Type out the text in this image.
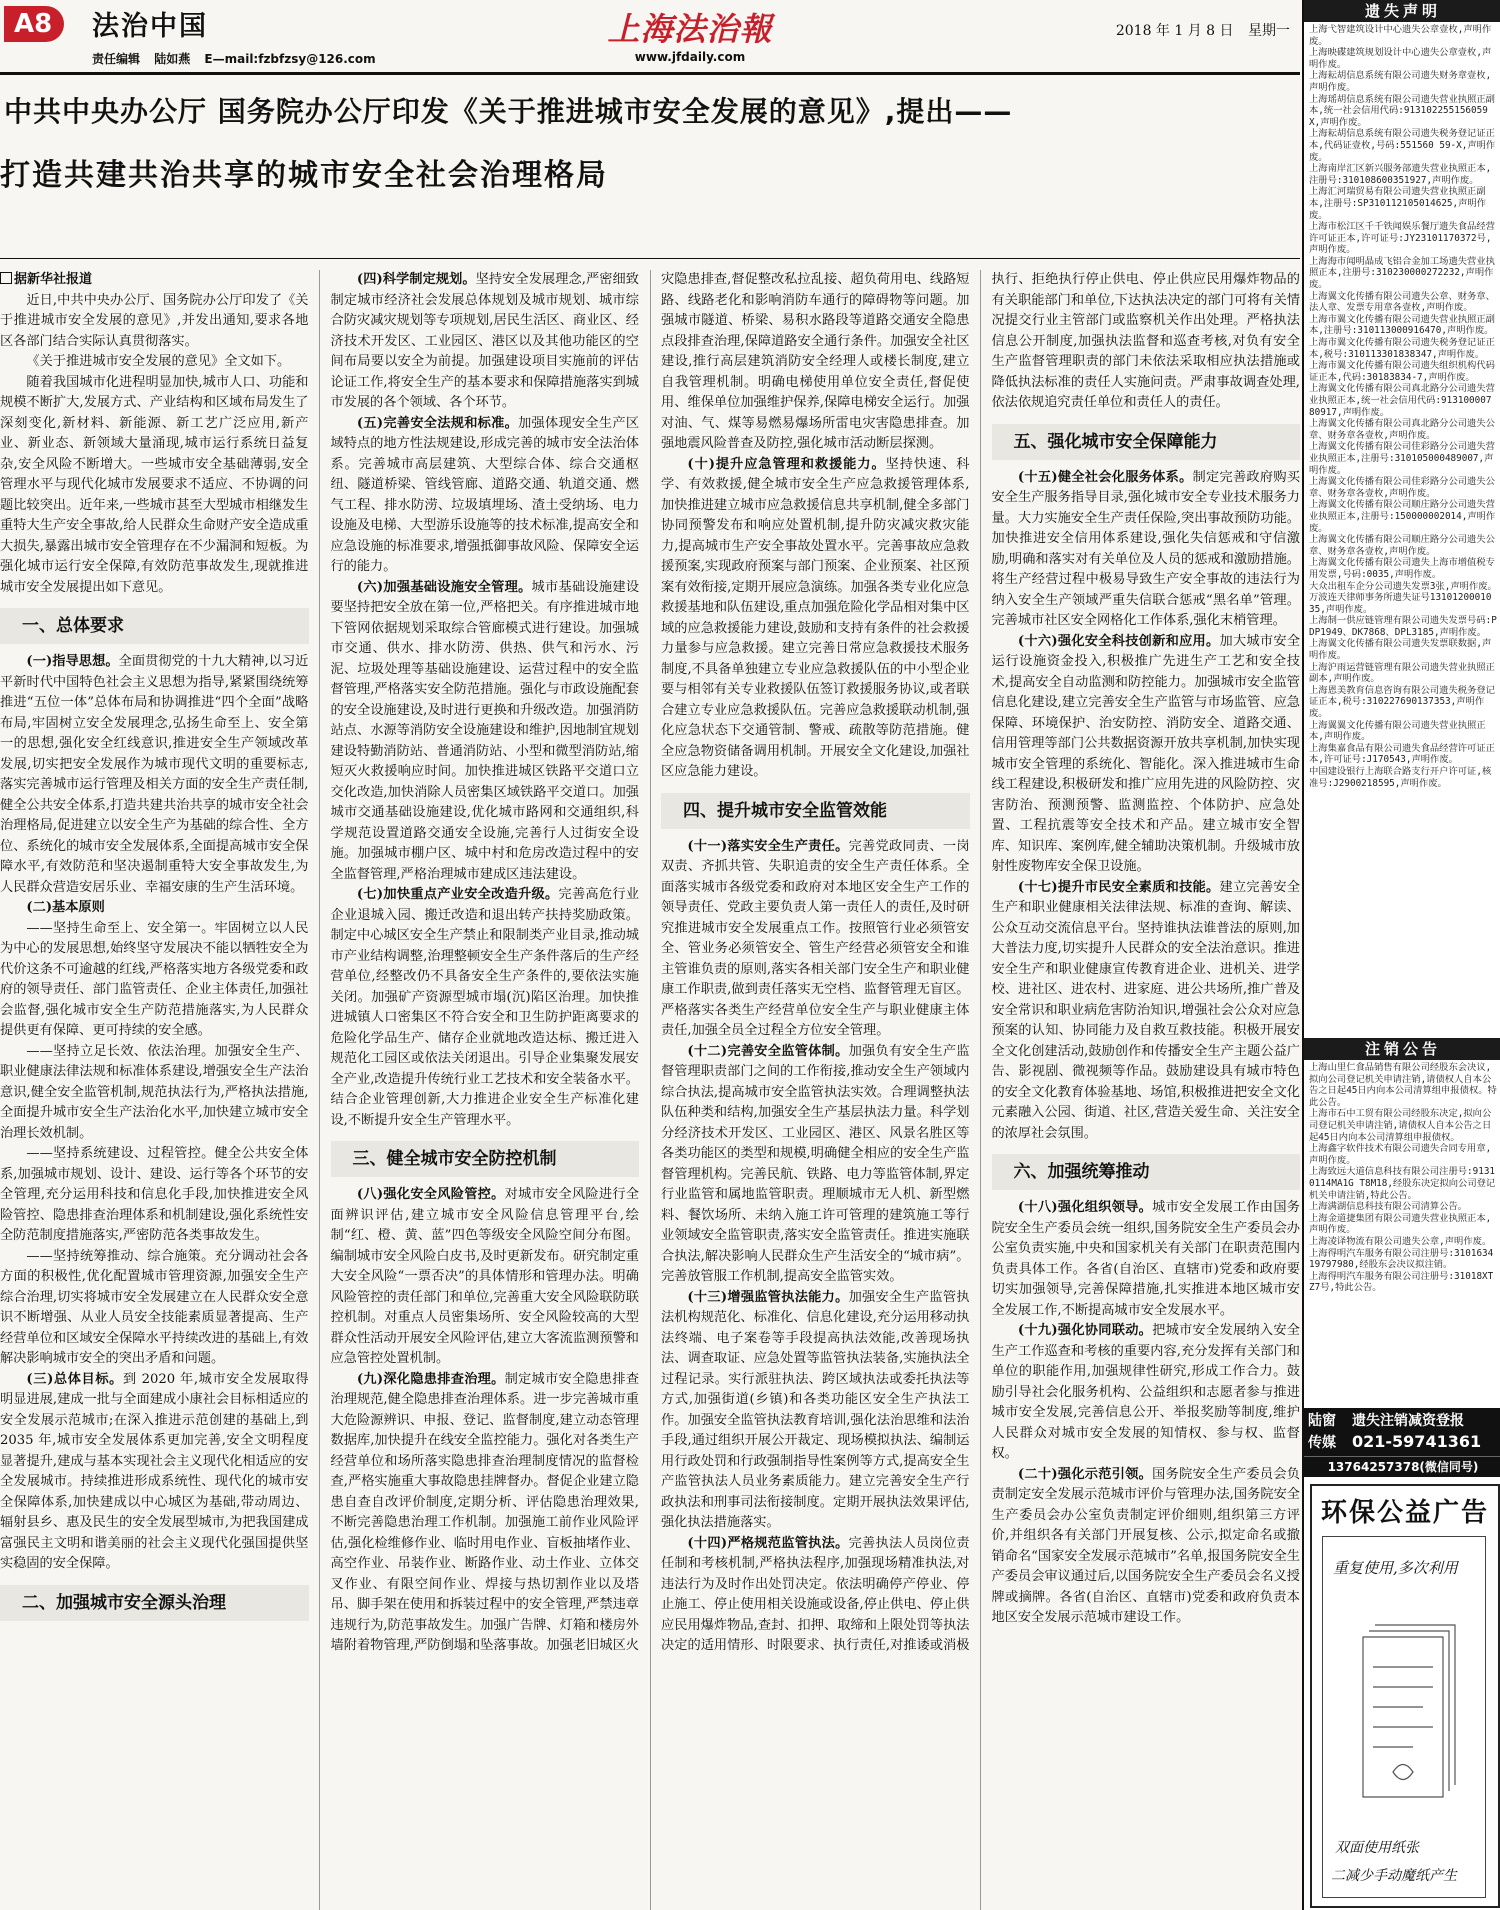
A8	法治中国
责任编辑 陆如燕 E—mail:fzbfzsy@126.com
上海法治報
www.jfdaily.com
2018 年 1 月 8 日 星期一
中共中央办公厅 国务院办公厅印发《关于推进城市安全发展的意见》,提出——
打造共建共治共享的城市安全社会治理格局

据新华社报道

近日,中共中央办公厅、国务院办公厅印发了《关于推进城市安全发展的意见》,并发出通知,要求各地区各部门结合实际认真贯彻落实。

《关于推进城市安全发展的意见》全文如下。

随着我国城市化进程明显加快,城市人口、功能和规模不断扩大,发展方式、产业结构和区域布局发生了深刻变化,新材料、新能源、新工艺广泛应用,新产业、新业态、新领域大量涌现,城市运行系统日益复杂,安全风险不断增大。一些城市安全基础薄弱,安全管理水平与现代化城市发展要求不适应、不协调的问题比较突出。近年来,一些城市甚至大型城市相继发生重特大生产安全事故,给人民群众生命财产安全造成重大损失,暴露出城市安全管理存在不少漏洞和短板。为强化城市运行安全保障,有效防范事故发生,现就推进城市安全发展提出如下意见。

一、总体要求

(一)指导思想。全面贯彻党的十九大精神,以习近平新时代中国特色社会主义思想为指导,紧紧围绕统筹推进“五位一体”总体布局和协调推进“四个全面”战略布局,牢固树立安全发展理念,弘扬生命至上、安全第一的思想,强化安全红线意识,推进安全生产领域改革发展,切实把安全发展作为城市现代文明的重要标志,落实完善城市运行管理及相关方面的安全生产责任制,健全公共安全体系,打造共建共治共享的城市安全社会治理格局,促进建立以安全生产为基础的综合性、全方位、系统化的城市安全发展体系,全面提高城市安全保障水平,有效防范和坚决遏制重特大安全事故发生,为人民群众营造安居乐业、幸福安康的生产生活环境。

(二)基本原则

——坚持生命至上、安全第一。牢固树立以人民为中心的发展思想,始终坚守发展决不能以牺牲安全为代价这条不可逾越的红线,严格落实地方各级党委和政府的领导责任、部门监管责任、企业主体责任,加强社会监督,强化城市安全生产防范措施落实,为人民群众提供更有保障、更可持续的安全感。

——坚持立足长效、依法治理。加强安全生产、职业健康法律法规和标准体系建设,增强安全生产法治意识,健全安全监管机制,规范执法行为,严格执法措施,全面提升城市安全生产法治化水平,加快建立城市安全治理长效机制。

——坚持系统建设、过程管控。健全公共安全体系,加强城市规划、设计、建设、运行等各个环节的安全管理,充分运用科技和信息化手段,加快推进安全风险管控、隐患排查治理体系和机制建设,强化系统性安全防范制度措施落实,严密防范各类事故发生。

——坚持统筹推动、综合施策。充分调动社会各方面的积极性,优化配置城市管理资源,加强安全生产综合治理,切实将城市安全发展建立在人民群众安全意识不断增强、从业人员安全技能素质显著提高、生产经营单位和区域安全保障水平持续改进的基础上,有效解决影响城市安全的突出矛盾和问题。

(三)总体目标。到 2020 年,城市安全发展取得明显进展,建成一批与全面建成小康社会目标相适应的安全发展示范城市;在深入推进示范创建的基础上,到 2035 年,城市安全发展体系更加完善,安全文明程度显著提升,建成与基本实现社会主义现代化相适应的安全发展城市。持续推进形成系统性、现代化的城市安全保障体系,加快建成以中心城区为基础,带动周边、辐射县乡、惠及民生的安全发展型城市,为把我国建成富强民主文明和谐美丽的社会主义现代化强国提供坚实稳固的安全保障。

二、加强城市安全源头治理

(四)科学制定规划。坚持安全发展理念,严密细致制定城市经济社会发展总体规划及城市规划、城市综合防灾减灾规划等专项规划,居民生活区、商业区、经济技术开发区、工业园区、港区以及其他功能区的空间布局要以安全为前提。加强建设项目实施前的评估论证工作,将安全生产的基本要求和保障措施落实到城市发展的各个领域、各个环节。

(五)完善安全法规和标准。加强体现安全生产区域特点的地方性法规建设,形成完善的城市安全法治体系。完善城市高层建筑、大型综合体、综合交通枢纽、隧道桥梁、管线管廊、道路交通、轨道交通、燃气工程、排水防涝、垃圾填埋场、渣土受纳场、电力设施及电梯、大型游乐设施等的技术标准,提高安全和应急设施的标准要求,增强抵御事故风险、保障安全运行的能力。

(六)加强基础设施安全管理。城市基础设施建设要坚持把安全放在第一位,严格把关。有序推进城市地下管网依据规划采取综合管廊模式进行建设。加强城市交通、供水、排水防涝、供热、供气和污水、污泥、垃圾处理等基础设施建设、运营过程中的安全监督管理,严格落实安全防范措施。强化与市政设施配套的安全设施建设,及时进行更换和升级改造。加强消防站点、水源等消防安全设施建设和维护,因地制宜规划建设特勤消防站、普通消防站、小型和微型消防站,缩短灭火救援响应时间。加快推进城区铁路平交道口立交化改造,加快消除人员密集区域铁路平交道口。加强城市交通基础设施建设,优化城市路网和交通组织,科学规范设置道路交通安全设施,完善行人过街安全设施。加强城市棚户区、城中村和危房改造过程中的安全监督管理,严格治理城市建成区违法建设。

(七)加快重点产业安全改造升级。完善高危行业企业退城入园、搬迁改造和退出转产扶持奖励政策。制定中心城区安全生产禁止和限制类产业目录,推动城市产业结构调整,治理整顿安全生产条件落后的生产经营单位,经整改仍不具备安全生产条件的,要依法实施关闭。加强矿产资源型城市塌(沉)陷区治理。加快推进城镇人口密集区不符合安全和卫生防护距离要求的危险化学品生产、储存企业就地改造达标、搬迁进入规范化工园区或依法关闭退出。引导企业集聚发展安全产业,改造提升传统行业工艺技术和安全装备水平。结合企业管理创新,大力推进企业安全生产标准化建设,不断提升安全生产管理水平。

三、健全城市安全防控机制

(八)强化安全风险管控。对城市安全风险进行全面辨识评估,建立城市安全风险信息管理平台,绘制“红、橙、黄、蓝”四色等级安全风险空间分布图。编制城市安全风险白皮书,及时更新发布。研究制定重大安全风险“一票否决”的具体情形和管理办法。明确风险管控的责任部门和单位,完善重大安全风险联防联控机制。对重点人员密集场所、安全风险较高的大型群众性活动开展安全风险评估,建立大客流监测预警和应急管控处置机制。

(九)深化隐患排查治理。制定城市安全隐患排查治理规范,健全隐患排查治理体系。进一步完善城市重大危险源辨识、申报、登记、监督制度,建立动态管理数据库,加快提升在线安全监控能力。强化对各类生产经营单位和场所落实隐患排查治理制度情况的监督检查,严格实施重大事故隐患挂牌督办。督促企业建立隐患自查自改评价制度,定期分析、评估隐患治理效果,不断完善隐患治理工作机制。加强施工前作业风险评估,强化检维修作业、临时用电作业、盲板抽堵作业、高空作业、吊装作业、断路作业、动土作业、立体交叉作业、有限空间作业、焊接与热切割作业以及塔吊、脚手架在使用和拆装过程中的安全管理,严禁违章违规行为,防范事故发生。加强广告牌、灯箱和楼房外墙附着物管理,严防倒塌和坠落事故。加强老旧城区火灾隐患排查,督促整改私拉乱接、超负荷用电、线路短路、线路老化和影响消防车通行的障碍物等问题。加强城市隧道、桥梁、易积水路段等道路交通安全隐患点段排查治理,保障道路安全通行条件。加强安全社区建设,推行高层建筑消防安全经理人或楼长制度,建立自我管理机制。明确电梯使用单位安全责任,督促使用、维保单位加强维护保养,保障电梯安全运行。加强对油、气、煤等易燃易爆场所雷电灾害隐患排查。加强地震风险普查及防控,强化城市活动断层探测。

(十)提升应急管理和救援能力。坚持快速、科学、有效救援,健全城市安全生产应急救援管理体系,加快推进建立城市应急救援信息共享机制,健全多部门协同预警发布和响应处置机制,提升防灾减灾救灾能力,提高城市生产安全事故处置水平。完善事故应急救援预案,实现政府预案与部门预案、企业预案、社区预案有效衔接,定期开展应急演练。加强各类专业化应急救援基地和队伍建设,重点加强危险化学品相对集中区域的应急救援能力建设,鼓励和支持有条件的社会救援力量参与应急救援。建立完善日常应急救援技术服务制度,不具备单独建立专业应急救援队伍的中小型企业要与相邻有关专业救援队伍签订救援服务协议,或者联合建立专业应急救援队伍。完善应急救援联动机制,强化应急状态下交通管制、警戒、疏散等防范措施。健全应急物资储备调用机制。开展安全文化建设,加强社区应急能力建设。

四、提升城市安全监管效能

(十一)落实安全生产责任。完善党政同责、一岗双责、齐抓共管、失职追责的安全生产责任体系。全面落实城市各级党委和政府对本地区安全生产工作的领导责任、党政主要负责人第一责任人的责任,及时研究推进城市安全发展重点工作。按照管行业必须管安全、管业务必须管安全、管生产经营必须管安全和谁主管谁负责的原则,落实各相关部门安全生产和职业健康工作职责,做到责任落实无空档、监督管理无盲区。严格落实各类生产经营单位安全生产与职业健康主体责任,加强全员全过程全方位安全管理。

(十二)完善安全监管体制。加强负有安全生产监督管理职责部门之间的工作衔接,推动安全生产领域内综合执法,提高城市安全监管执法实效。合理调整执法队伍种类和结构,加强安全生产基层执法力量。科学划分经济技术开发区、工业园区、港区、风景名胜区等各类功能区的类型和规模,明确健全相应的安全生产监督管理机构。完善民航、铁路、电力等监管体制,界定行业监管和属地监管职责。理顺城市无人机、新型燃料、餐饮场所、未纳入施工许可管理的建筑施工等行业领域安全监管职责,落实安全监管责任。推进实施联合执法,解决影响人民群众生产生活安全的“城市病”。完善放管服工作机制,提高安全监管实效。

(十三)增强监管执法能力。加强安全生产监管执法机构规范化、标准化、信息化建设,充分运用移动执法终端、电子案卷等手段提高执法效能,改善现场执法、调查取证、应急处置等监管执法装备,实施执法全过程记录。实行派驻执法、跨区域执法或委托执法等方式,加强街道(乡镇)和各类功能区安全生产执法工作。加强安全监管执法教育培训,强化法治思维和法治手段,通过组织开展公开裁定、现场模拟执法、编制运用行政处罚和行政强制指导性案例等方式,提高安全生产监管执法人员业务素质能力。建立完善安全生产行政执法和刑事司法衔接制度。定期开展执法效果评估,强化执法措施落实。

(十四)严格规范监管执法。完善执法人员岗位责任制和考核机制,严格执法程序,加强现场精准执法,对违法行为及时作出处罚决定。依法明确停产停业、停止施工、停止使用相关设施或设备,停止供电、停止供应民用爆炸物品,查封、扣押、取缔和上限处罚等执法决定的适用情形、时限要求、执行责任,对推诿或消极执行、拒绝执行停止供电、停止供应民用爆炸物品的有关职能部门和单位,下达执法决定的部门可将有关情况提交行业主管部门或监察机关作出处理。严格执法信息公开制度,加强执法监督和巡查考核,对负有安全生产监督管理职责的部门未依法采取相应执法措施或降低执法标准的责任人实施问责。严肃事故调查处理,依法依规追究责任单位和责任人的责任。

五、强化城市安全保障能力

(十五)健全社会化服务体系。制定完善政府购买安全生产服务指导目录,强化城市安全专业技术服务力量。大力实施安全生产责任保险,突出事故预防功能。加快推进安全信用体系建设,强化失信惩戒和守信激励,明确和落实对有关单位及人员的惩戒和激励措施。将生产经营过程中极易导致生产安全事故的违法行为纳入安全生产领域严重失信联合惩戒“黑名单”管理。完善城市社区安全网格化工作体系,强化末梢管理。

(十六)强化安全科技创新和应用。加大城市安全运行设施资金投入,积极推广先进生产工艺和安全技术,提高安全自动监测和防控能力。加强城市安全监管信息化建设,建立完善安全生产监管与市场监管、应急保障、环境保护、治安防控、消防安全、道路交通、信用管理等部门公共数据资源开放共享机制,加快实现城市安全管理的系统化、智能化。深入推进城市生命线工程建设,积极研发和推广应用先进的风险防控、灾害防治、预测预警、监测监控、个体防护、应急处置、工程抗震等安全技术和产品。建立城市安全智库、知识库、案例库,健全辅助决策机制。升级城市放射性废物库安全保卫设施。

(十七)提升市民安全素质和技能。建立完善安全生产和职业健康相关法律法规、标准的查询、解读、公众互动交流信息平台。坚持谁执法谁普法的原则,加大普法力度,切实提升人民群众的安全法治意识。推进安全生产和职业健康宣传教育进企业、进机关、进学校、进社区、进农村、进家庭、进公共场所,推广普及安全常识和职业病危害防治知识,增强社会公众对应急预案的认知、协同能力及自救互救技能。积极开展安全文化创建活动,鼓励创作和传播安全生产主题公益广告、影视剧、微视频等作品。鼓励建设具有城市特色的安全文化教育体验基地、场馆,积极推进把安全文化元素融入公园、街道、社区,营造关爱生命、关注安全的浓厚社会氛围。

六、加强统筹推动

(十八)强化组织领导。城市安全发展工作由国务院安全生产委员会统一组织,国务院安全生产委员会办公室负责实施,中央和国家机关有关部门在职责范围内负责具体工作。各省(自治区、直辖市)党委和政府要切实加强领导,完善保障措施,扎实推进本地区城市安全发展工作,不断提高城市安全发展水平。

(十九)强化协同联动。把城市安全发展纳入安全生产工作巡查和考核的重要内容,充分发挥有关部门和单位的职能作用,加强规律性研究,形成工作合力。鼓励引导社会化服务机构、公益组织和志愿者参与推进城市安全发展,完善信息公开、举报奖励等制度,维护人民群众对城市安全发展的知情权、参与权、监督权。

(二十)强化示范引领。国务院安全生产委员会负责制定安全发展示范城市评价与管理办法,国务院安全生产委员会办公室负责制定评价细则,组织第三方评价,并组织各有关部门开展复核、公示,拟定命名或撤销命名“国家安全发展示范城市”名单,报国务院安全生产委员会审议通过后,以国务院安全生产委员会名义授牌或摘牌。各省(自治区、直辖市)党委和政府负责本地区安全发展示范城市建设工作。

遗失声明

上海弋智建筑设计中心遗失公章壹枚,声明作废。

上海映碟建筑规划设计中心遗失公章壹枚,声明作废。

上海耘胡信息系统有限公司遗失财务章壹枚,声明作废。

上海瑶胡信息系统有限公司遗失营业执照正副本,统一社会信用代码:913102255156059X,声明作废。

上海耘胡信息系统有限公司遗失税务登记证正本,代码证壹枚,号码:551560 59-X,声明作废。

上海南岸汇区新兴服务部遗失营业执照正本,注册号:310108600351927,声明作废。

上海汇河瑞贸易有限公司遗失营业执照正副本,注册号:SP310112105014625,声明作废。

上海市松江区千千铁闻娱乐餐厅遗失食品经营许可证正本,许可证号:JY23101170372号,声明作废。

上海海市闻明晶成飞铝合金加工场遗失营业执照正本,注册号:310230000272232,声明作废。

上海翼文化传播有限公司遗失公章、财务章、法人章、发票专用章各壹枚,声明作废。

上海市翼文化传播有限公司遗失营业执照正副本,注册号:310113000916470,声明作废。

上海市翼文化传播有限公司遗失税务登记证正本,税号:310113301838347,声明作废。

上海市翼文化传播有限公司遗失组织机构代码证正本,代码:30183834-7,声明作废。

上海翼文化传播有限公司真北路分公司遗失营业执照正本,统一社会信用代码:91310000780917,声明作废。

上海翼文化传播有限公司真北路分公司遗失公章、财务章各壹枚,声明作废。

上海翼文化传播有限公司佳彩路分公司遗失营业执照正本,注册号:310105000489007,声明作废。

上海翼文化传播有限公司佳彩路分公司遗失公章、财务章各壹枚,声明作废。

上海翼文化传播有限公司顺庄路分公司遗失营业执照正本,注册号:150000002014,声明作废。

上海翼文化传播有限公司顺庄路分公司遗失公章、财务章各壹枚,声明作废。

上海翼文化传播有限公司遗失上海市增值税专用发票,号码:0035,声明作废。

大众出租车企分公司遗失发票3张,声明作废。

万波连天律师事务所遗失证号1310120001035,声明作废。

上海制一供应链管理有限公司遗失发票号码:PDP1949、DK7868、DPL3185,声明作废。

上海翼文化传播有限公司遗失发票联数据,声明作废。

上海沪雨运营链管理有限公司遗失营业执照正副本,声明作废。

上海恩美教育信息咨询有限公司遗失税务登记证正本,税号:310227690137353,声明作废。

上海翼翼文化传播有限公司遗失营业执照正本,声明作废。

上海集嘉食品有限公司遗失食品经营许可证正本,许可证号:J170543,声明作废。

中国建设银行上海联合路支行开户许可证,核准号:J2900218595,声明作废。

注销公告

上海山里仁食品销售有限公司经股东会决议,拟向公司登记机关申请注销,请债权人自本公告之日起45日内向本公司清算组申报债权。特此公告。

上海市石中工贸有限公司经股东决定,拟向公司登记机关申请注销,请债权人自本公告之日起45日内向本公司清算组申报债权。

上海鑫字软件技术有限公司遗失合同专用章,声明作废。

上海致远大道信息科技有限公司注册号:91310114MA1G T8M18,经股东决定拟向公司登记机关申请注销,特此公告。

上海满湖信息科技有限公司清算公告。

上海金道捷集团有限公司遗失营业执照正本,声明作废。

上海凌译物流有限公司遗失公章,声明作废。

上海得明汽车服务有限公司注册号:310163419797980,经股东会决议拟注销。

上海得明汽车服务有限公司注册号:31018XTZ7号,特此公告。

陆窗
传媒
遗失注销减资登报
021-59741361
13764257378(微信同号)
环保公益广告
重复使用,多次利用
双面使用纸张
二减少手动魔纸产生
